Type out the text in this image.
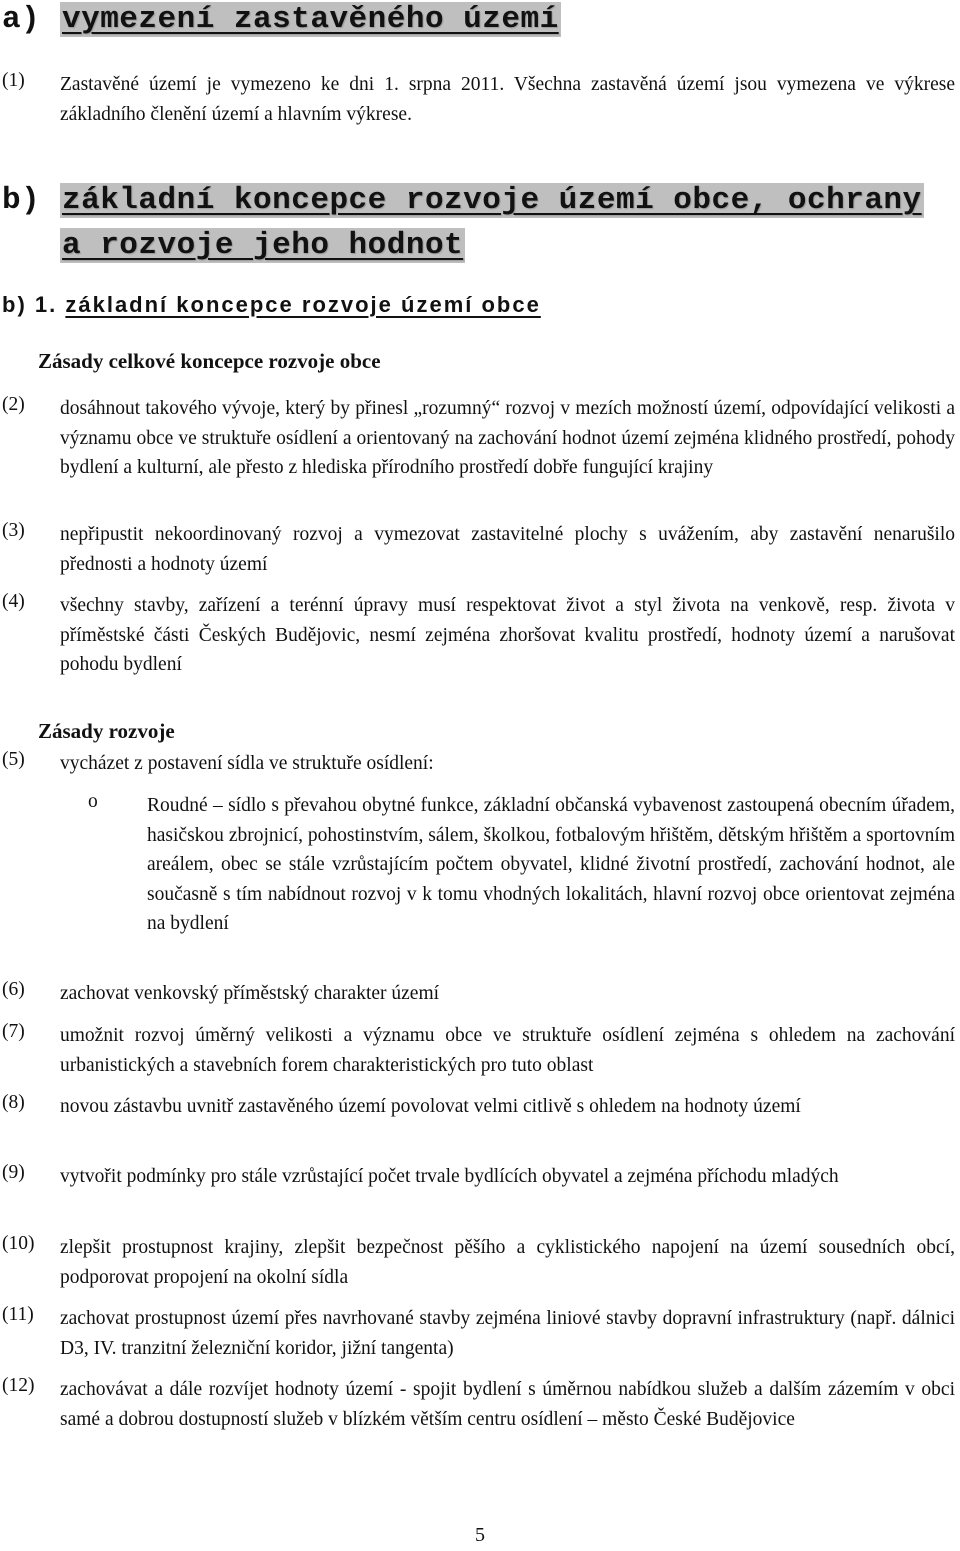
a) vymezení zastavěného území
(1) Zastavěné území je vymezeno ke dni 1. srpna 2011. Všechna zastavěná území jsou vymezena ve výkrese základního členění území a hlavním výkrese.
b) základní koncepce rozvoje území obce, ochrany
a rozvoje jeho hodnot
b) 1. základní koncepce rozvoje území obce
Zásady celkové koncepce rozvoje obce
(2) dosáhnout takového vývoje, který by přinesl „rozumný“ rozvoj v mezích možností území, odpovídající velikosti a významu obce ve struktuře osídlení a orientovaný na zachování hodnot území zejména klidného prostředí, pohody bydlení a kulturní, ale přesto z hlediska přírodního prostředí dobře fungující krajiny
(3) nepřipustit nekoordinovaný rozvoj a vymezovat zastavitelné plochy s uvážením, aby zastavění nenarušilo přednosti a hodnoty území
(4) všechny stavby, zařízení a terénní úpravy musí respektovat život a styl života na venkově, resp. života v příměstské části Českých Budějovic, nesmí zejména zhoršovat kvalitu prostředí, hodnoty území a narušovat pohodu bydlení
Zásady rozvoje
(5) vycházet z postavení sídla ve struktuře osídlení:
o	Roudné – sídlo s převahou obytné funkce, základní občanská vybavenost zastoupená obecním úřadem, hasičskou zbrojnicí, pohostinstvím, sálem, školkou, fotbalovým hřištěm, dětským hřištěm a sportovním areálem, obec se stále vzrůstajícím počtem obyvatel, klidné životní prostředí, zachování hodnot, ale současně s tím nabídnout rozvoj v k tomu vhodných lokalitách, hlavní rozvoj obce orientovat zejména na bydlení
(6) zachovat venkovský příměstský charakter území
(7) umožnit rozvoj úměrný velikosti a významu obce ve struktuře osídlení zejména s ohledem na zachování urbanistických a stavebních forem charakteristických pro tuto oblast
(8) novou zástavbu uvnitř zastavěného území povolovat velmi citlivě s ohledem na hodnoty území
(9) vytvořit podmínky pro stále vzrůstající počet trvale bydlících obyvatel a zejména příchodu mladých
(10) zlepšit prostupnost krajiny, zlepšit bezpečnost pěšího a cyklistického napojení na území sousedních obcí, podporovat propojení na okolní sídla
(11) zachovat prostupnost území přes navrhované stavby zejména liniové stavby dopravní infrastruktury (např. dálnici D3, IV. tranzitní železniční koridor, jižní tangenta)
(12) zachovávat a dále rozvíjet hodnoty území - spojit bydlení s úměrnou nabídkou služeb a dalším zázemím v obci samé a dobrou dostupností služeb v blízkém větším centru osídlení – město České Budějovice
5
